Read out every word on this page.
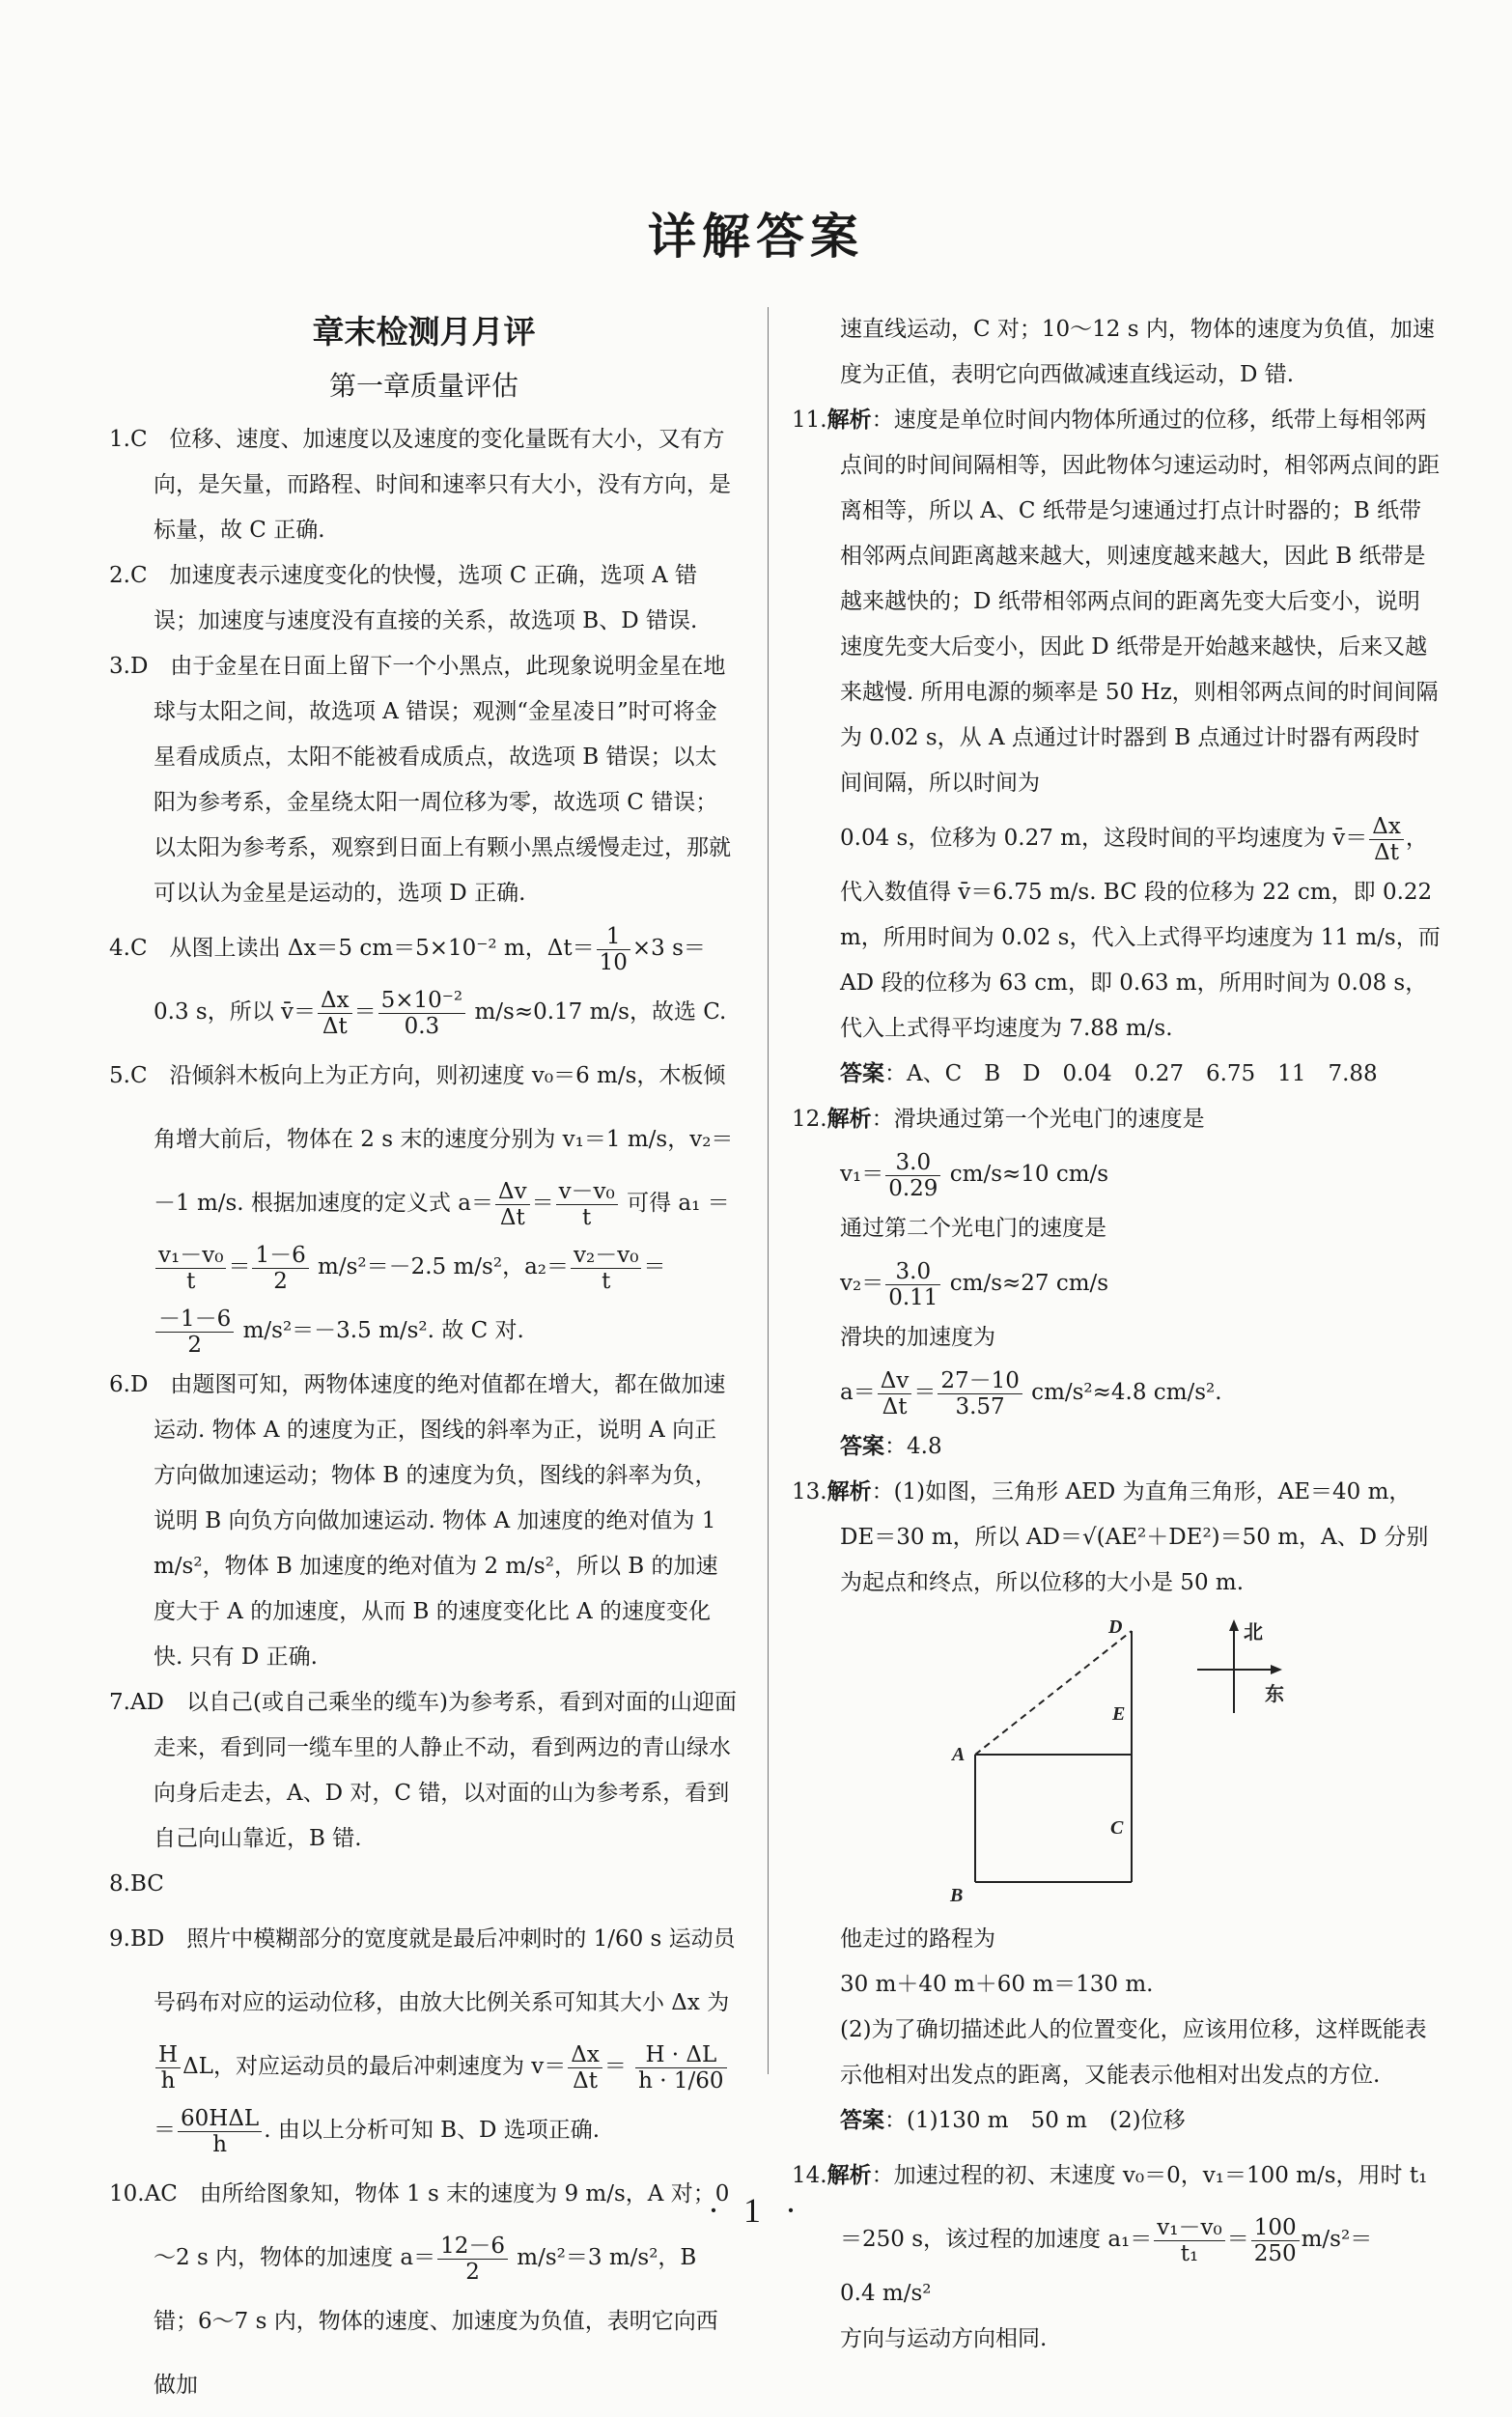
详解答案
章末检测月月评
第一章质量评估

1.C　位移、速度、加速度以及速度的变化量既有大小，又有方向，是矢量，而路程、时间和速率只有大小，没有方向，是标量，故 C 正确.

2.C　加速度表示速度变化的快慢，选项 C 正确，选项 A 错误；加速度与速度没有直接的关系，故选项 B、D 错误.

3.D　由于金星在日面上留下一个小黑点，此现象说明金星在地球与太阳之间，故选项 A 错误；观测“金星凌日”时可将金星看成质点，太阳不能被看成质点，故选项 B 错误；以太阳为参考系，金星绕太阳一周位移为零，故选项 C 错误；以太阳为参考系，观察到日面上有颗小黑点缓慢走过，那就可以认为金星是运动的，选项 D 正确.

4.C　从图上读出 Δx＝5 cm＝5×10⁻² m，$\Delta t= \frac{1}{10} \times 3$ s＝ 0.3 s，所以 v̄＝ $\frac{\Delta x}{\Delta t} = \frac{\text{5×10⁻²}}{0.3} m/s\approx 0.17$ m/s，故选 C.

5.C　沿倾斜木板向上为正方向，则初速度 v₀＝6 m/s，木板倾角增大前后，物体在 2 s 末的速度分别为 v₁＝1 m/s，v₂＝－1 m/s. 根据加速度的定义式 $a= \frac{\Delta v}{\Delta t} = \frac{\text{v－v₀}}{t}$ 可得 a₁ ＝
$\frac{\text{v₁－v₀}}{t} = \frac{1-6}{2} m/s^2=-2.5$ m/s²，$a_2= \frac{\text{v₂－v₀}}{t}$ ＝
$\frac{-1-6}{2} m/s^2=-3.5$ m/s². 故 C 对.

6.D　由题图可知，两物体速度的绝对值都在增大，都在做加速运动. 物体 A 的速度为正，图线的斜率为正，说明 A 向正方向做加速运动；物体 B 的速度为负，图线的斜率为负，说明 B 向负方向做加速运动. 物体 A 加速度的绝对值为 1 m/s²，物体 B 加速度的绝对值为 2 m/s²，所以 B 的加速度大于 A 的加速度，从而 B 的速度变化比 A 的速度变化快. 只有 D 正确.

7.AD　以自己(或自己乘坐的缆车)为参考系，看到对面的山迎面走来，看到同一缆车里的人静止不动，看到两边的青山绿水向身后走去，A、D 对，C 错，以对面的山为参考系，看到自己向山靠近，B 错.

8.BC

9.BD　照片中模糊部分的宽度就是最后冲刺时的 1/60 s 运动员号码布对应的运动位移，由放大比例关系可知其大小 Δx 为
$\frac{H}{h}$ ΔL，对应运动员的最后冲刺速度为 $v= \frac{\Delta x}{\Delta t} = \frac{H \cdot \Delta L}{h \cdot 1/60}$
＝ $\frac{\text{60HΔL}}{h}$ . 由以上分析可知 B、D 选项正确.

10.AC　由所给图象知，物体 1 s 末的速度为 9 m/s，A 对；0～2 s 内，物体的加速度 $a= \frac{12-6}{2} m/s^2=3$ m/s²，B 错；6～7 s 内，物体的速度、加速度为负值，表明它向西做加

速直线运动，C 对；10～12 s 内，物体的速度为负值，加速度为正值，表明它向西做减速直线运动，D 错.

11.解析：速度是单位时间内物体所通过的位移，纸带上每相邻两点间的时间间隔相等，因此物体匀速运动时，相邻两点间的距离相等，所以 A、C 纸带是匀速通过打点计时器的；B 纸带相邻两点间距离越来越大，则速度越来越大，因此 B 纸带是越来越快的；D 纸带相邻两点间的距离先变大后变小，说明速度先变大后变小，因此 D 纸带是开始越来越快，后来又越来越慢. 所用电源的频率是 50 Hz，则相邻两点间的时间间隔为 0.02 s，从 A 点通过计时器到 B 点通过计时器有两段时间间隔，所以时间为

0.04 s，位移为 0.27 m，这段时间的平均速度为 v̄＝ $\frac{\Delta x}{\Delta t}$ ，

代入数值得 v̄＝6.75 m/s. BC 段的位移为 22 cm，即 0.22 m，所用时间为 0.02 s，代入上式得平均速度为 11 m/s，而 AD 段的位移为 63 cm，即 0.63 m，所用时间为 0.08 s，代入上式得平均速度为 7.88 m/s.

答案：A、C　B　D　0.04　0.27　6.75　11　7.88

12.解析：滑块通过第一个光电门的速度是

$v_1= \frac{3.0}{0.29} cm/s\approx 10$ cm/s

通过第二个光电门的速度是

$v_2= \frac{3.0}{0.11} cm/s\approx 27$ cm/s

滑块的加速度为

$a= \frac{\Delta v}{\Delta t} = \frac{27-10}{3.57} cm/s^2\approx 4.8$ cm/s².

答案：4.8

13.解析：(1)如图，三角形 AED 为直角三角形，AE＝40 m，DE＝30 m，所以 AD＝√(AE²＋DE²)＝50 m，A、D 分别为起点和终点，所以位移的大小是 50 m.

D
E
A
B
C
北
东

他走过的路程为

30 m＋40 m＋60 m＝130 m.

(2)为了确切描述此人的位置变化，应该用位移，这样既能表示他相对出发点的距离，又能表示他相对出发点的方位.

答案：(1)130 m　50 m　(2)位移

14.解析：加速过程的初、末速度 v₀＝0，v₁＝100 m/s，用时 t₁＝250 s，该过程的加速度 $a_1= \frac{\text{v₁－v₀}}{\text{t₁}} = \frac{100}{250} m/s^2=$

0.4 m/s²

方向与运动方向相同.

· 1 ·
